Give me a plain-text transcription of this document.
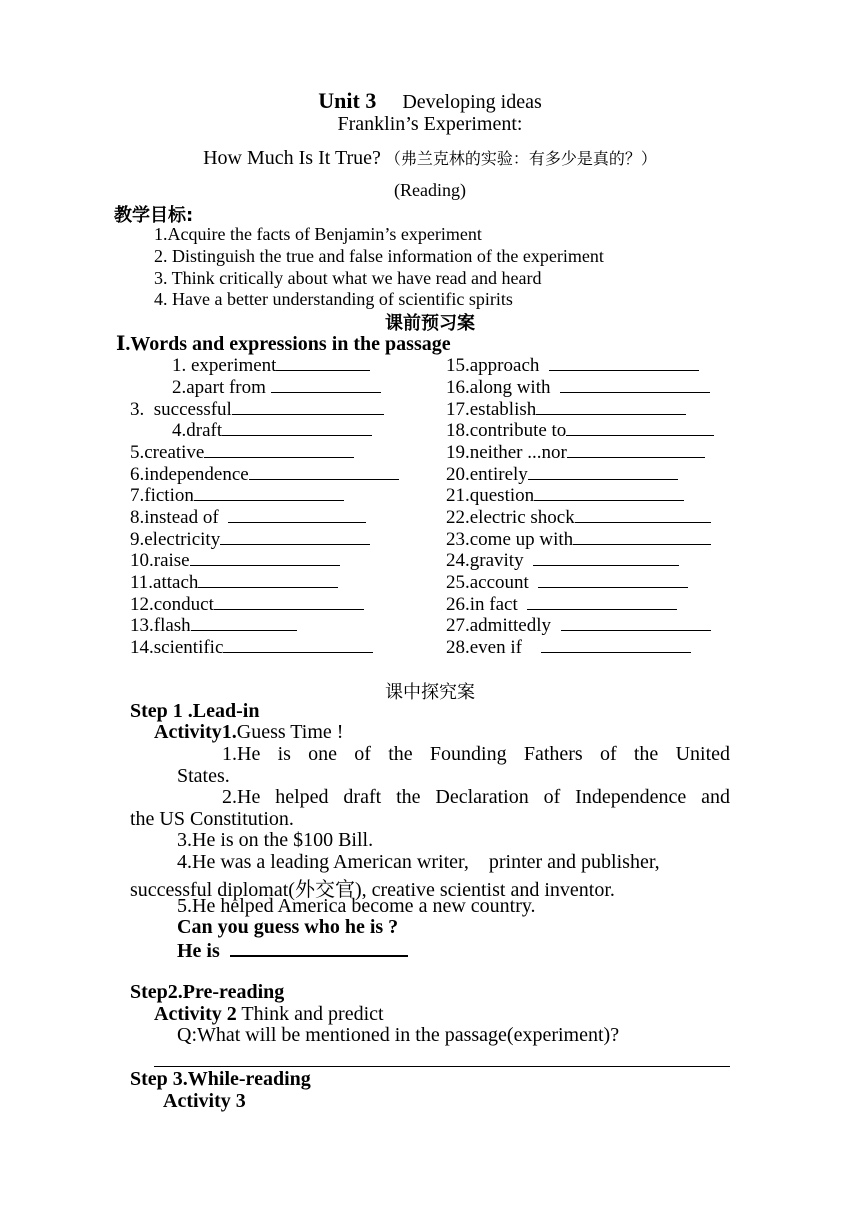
Unit 3 Developing ideas
Franklin’s Experiment:
How Much Is It True? （弗兰克林的实验：有多少是真的？）
(Reading)
教学目标:
1.Acquire the facts of Benjamin’s experiment
2. Distinguish the true and false information of the experiment
3. Think critically about what we have read and heard
4. Have a better understanding of scientific spirits
课前预习案
Ⅰ.Words and expressions in the passage
1. experiment
2.apart from
3.  successful
4.draft
5.creative
6.independence
7.fiction
8.instead of
9.electricity
10.raise
11.attach
12.conduct
13.flash
14.scientific
15.approach
16.along with
17.establish
18.contribute to
19.neither ...nor
20.entirely
21.question
22.electric shock
23.come up with
24.gravity
25.account
26.in fact
27.admittedly
28.even if
课中探究案
Step 1 .Lead-in
Activity1.Guess Time !
1.He is one of the Founding Fathers of the United
States.
2.He helped draft the Declaration of Independence and
the US Constitution.
3.He is on the $100 Bill.
4.He was a leading American writer,    printer and publisher,
successful diplomat(外交官), creative scientist and inventor.
5.He helped America become a new country.
Can you guess who he is ?
He is
Step2.Pre-reading
Activity 2 Think and predict
Q:What will be mentioned in the passage(experiment)?
Step 3.While-reading
Activity 3
